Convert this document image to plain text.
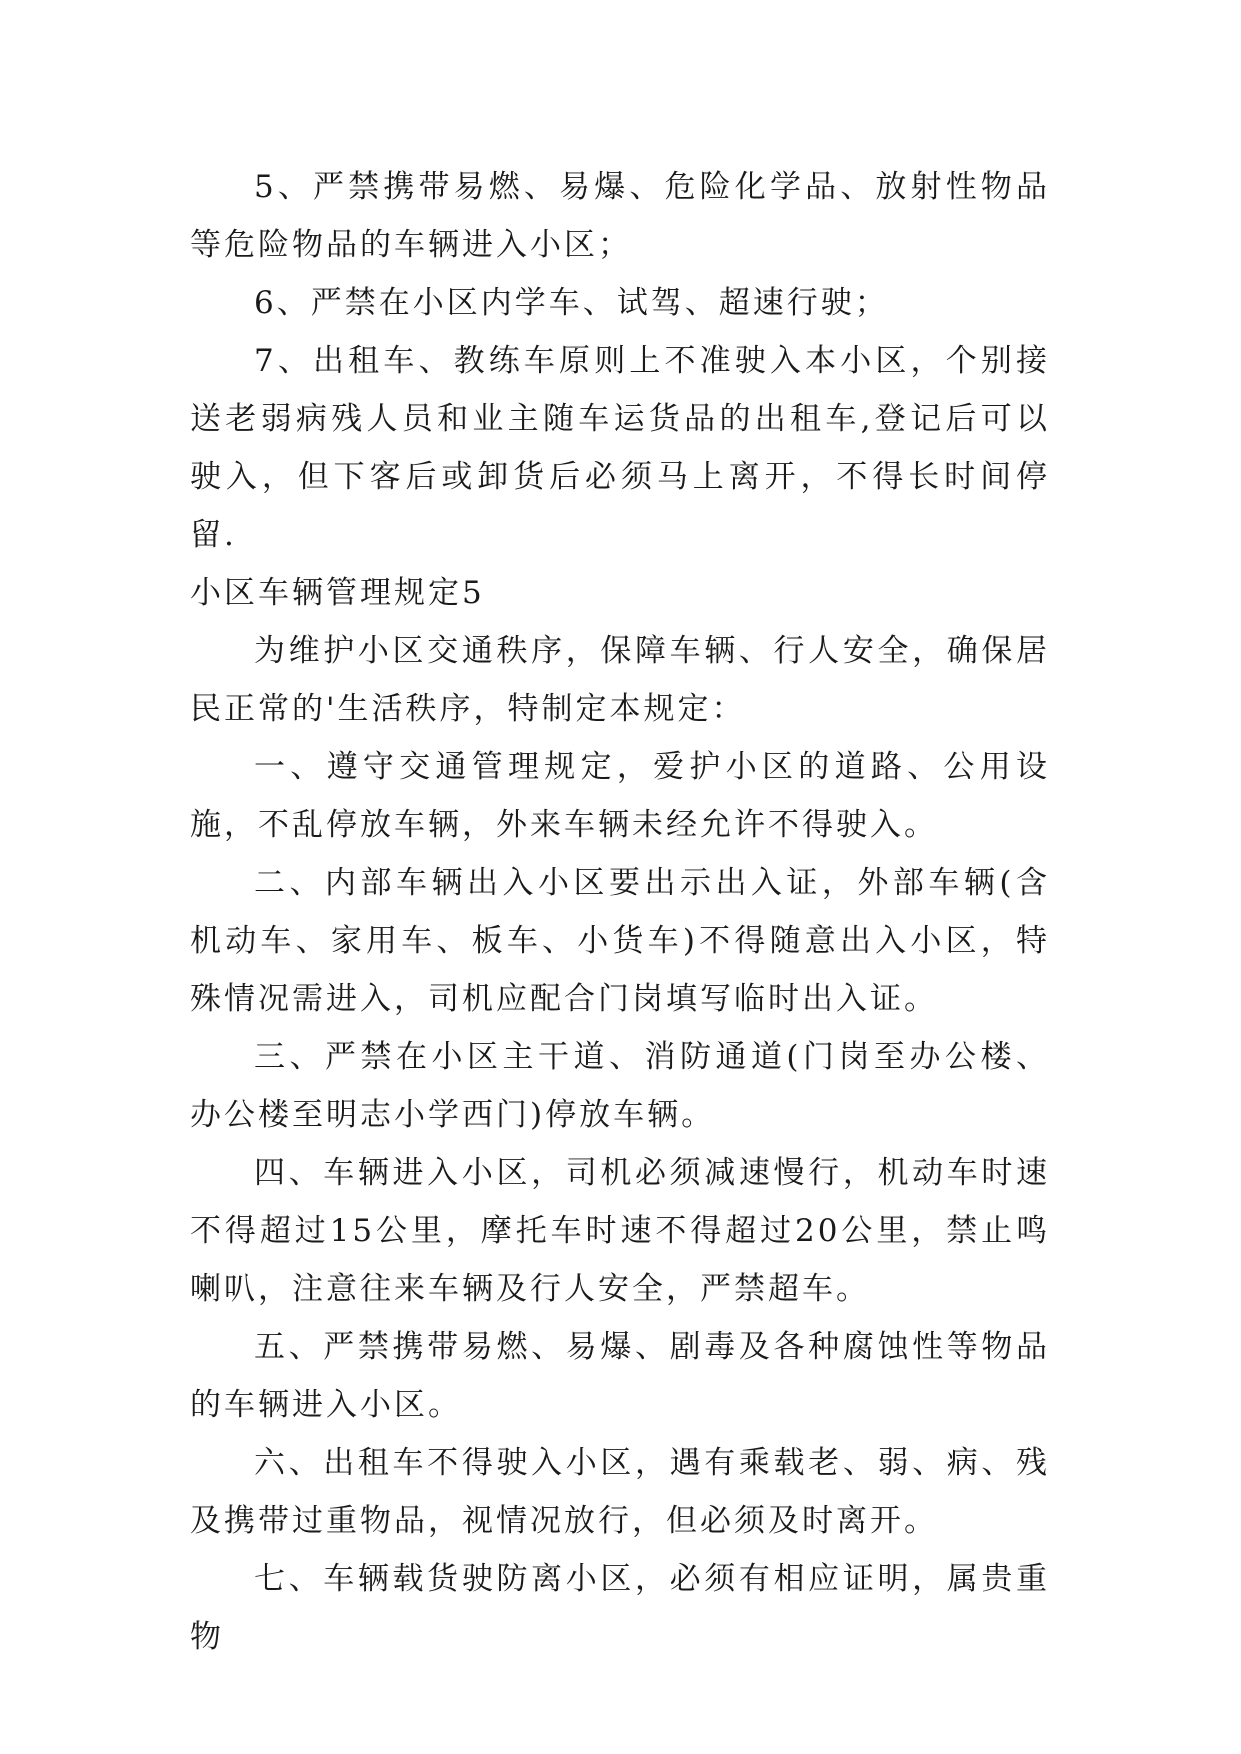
5、严禁携带易燃、易爆、危险化学品、放射性物品等危险物品的车辆进入小区；

6、严禁在小区内学车、试驾、超速行驶；

7、出租车、教练车原则上不准驶入本小区，个别接送老弱病残人员和业主随车运货品的出租车,登记后可以驶入，但下客后或卸货后必须马上离开，不得长时间停留.

小区车辆管理规定5

为维护小区交通秩序，保障车辆、行人安全，确保居民正常的'生活秩序，特制定本规定：

一、遵守交通管理规定，爱护小区的道路、公用设施，不乱停放车辆，外来车辆未经允许不得驶入。

二、内部车辆出入小区要出示出入证，外部车辆(含机动车、家用车、板车、小货车)不得随意出入小区，特殊情况需进入，司机应配合门岗填写临时出入证。

三、严禁在小区主干道、消防通道(门岗至办公楼、办公楼至明志小学西门)停放车辆。

四、车辆进入小区，司机必须减速慢行，机动车时速不得超过15公里，摩托车时速不得超过20公里，禁止鸣喇叭，注意往来车辆及行人安全，严禁超车。

五、严禁携带易燃、易爆、剧毒及各种腐蚀性等物品的车辆进入小区。

六、出租车不得驶入小区，遇有乘载老、弱、病、残及携带过重物品，视情况放行，但必须及时离开。

七、车辆载货驶防离小区，必须有相应证明，属贵重物
